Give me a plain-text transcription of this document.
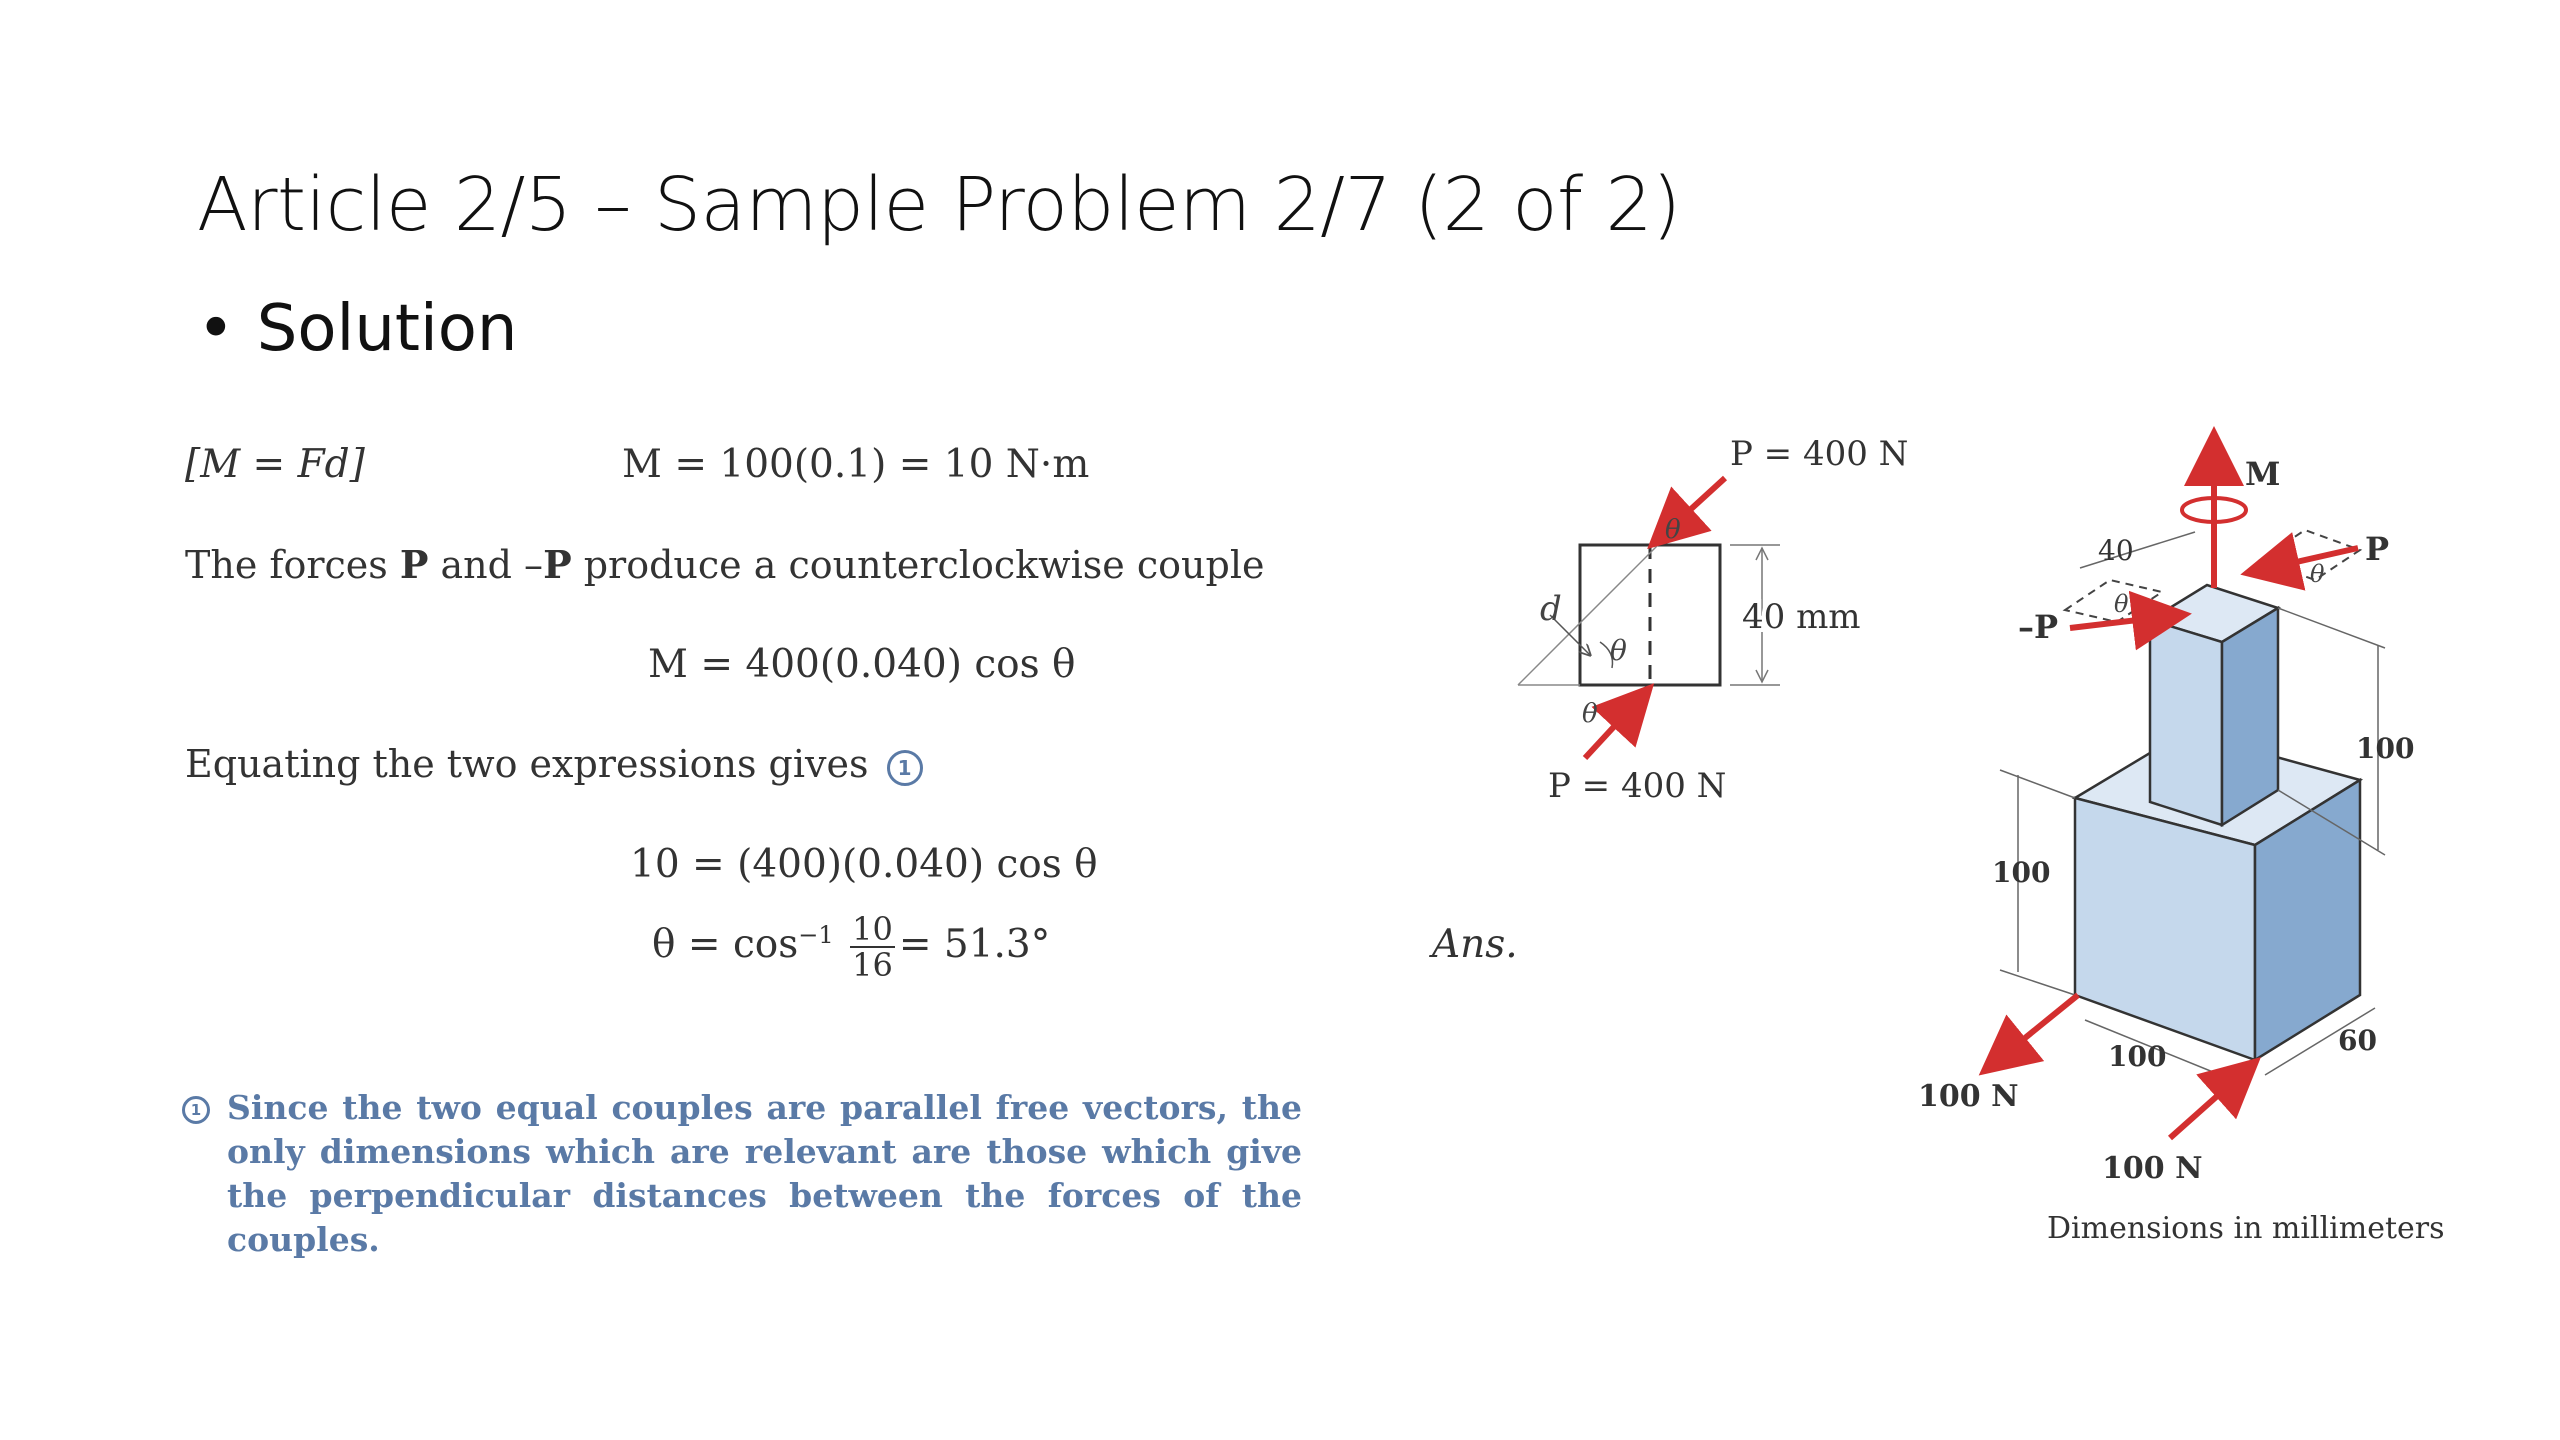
Article 2/5 – Sample Problem 2/7 (2 of 2)
• Solution
[M = Fd]	M = 100(0.1) = 10 N·m
The forces P and –P produce a counterclockwise couple
M = 400(0.040) cos θ
Equating the two expressions gives 1
10 = (400)(0.040) cos θ
$\theta = \cos^{-1} \frac{10}{16} = 51.3^\circ$	Ans.
1 Since the two equal couples are parallel free vectors, the only dimensions which are relevant are those which give the perpendicular distances between the forces of the couples.
d
θ
θ
P = 400 N
θ
P = 400 N
40 mm
M
P
θ
–P
θ
40
100
100
100	60
100 N
100 N
Dimensions in millimeters
